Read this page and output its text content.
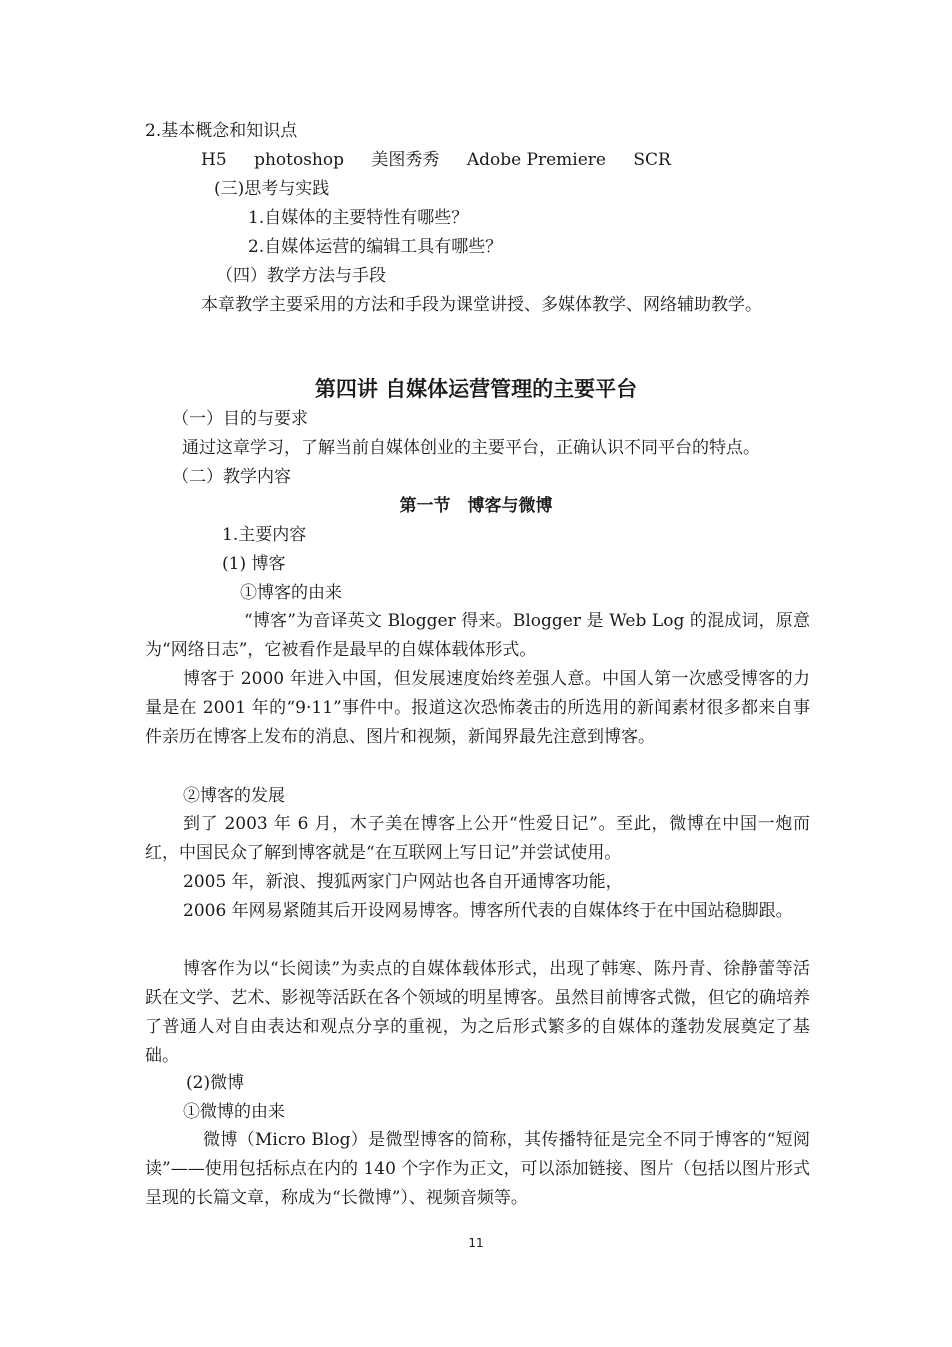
2.基本概念和知识点
H5 photoshop 美图秀秀 Adobe Premiere SCR
(三)思考与实践
1.自媒体的主要特性有哪些？
2.自媒体运营的编辑工具有哪些？
（四）教学方法与手段
本章教学主要采用的方法和手段为课堂讲授、多媒体教学、网络辅助教学。
第四讲 自媒体运营管理的主要平台
（一）目的与要求
通过这章学习，了解当前自媒体创业的主要平台，正确认识不同平台的特点。
（二）教学内容
第一节　博客与微博
1.主要内容
(1) 博客
①博客的由来

“博客”为音译英文 Blogger 得来。Blogger 是 Web Log 的混成词，原意为“网络日志”，它被看作是最早的自媒体载体形式。

博客于 2000 年进入中国，但发展速度始终差强人意。中国人第一次感受博客的力量是在 2001 年的“9·11”事件中。报道这次恐怖袭击的所选用的新闻素材很多都来自事件亲历在博客上发布的消息、图片和视频，新闻界最先注意到博客。

②博客的发展

到了 2003 年 6 月，木子美在博客上公开“性爱日记”。至此，微博在中国一炮而红，中国民众了解到博客就是“在互联网上写日记”并尝试使用。

2005 年，新浪、搜狐两家门户网站也各自开通博客功能，

2006 年网易紧随其后开设网易博客。博客所代表的自媒体终于在中国站稳脚跟。

博客作为以“长阅读”为卖点的自媒体载体形式，出现了韩寒、陈丹青、徐静蕾等活跃在文学、艺术、影视等活跃在各个领域的明星博客。虽然目前博客式微，但它的确培养了普通人对自由表达和观点分享的重视，为之后形式繁多的自媒体的蓬勃发展奠定了基础。

(2)微博
①微博的由来

微博（Micro Blog）是微型博客的简称，其传播特征是完全不同于博客的“短阅读”——使用包括标点在内的 140 个字作为正文，可以添加链接、图片（包括以图片形式呈现的长篇文章，称成为“长微博”）、视频音频等。

11
